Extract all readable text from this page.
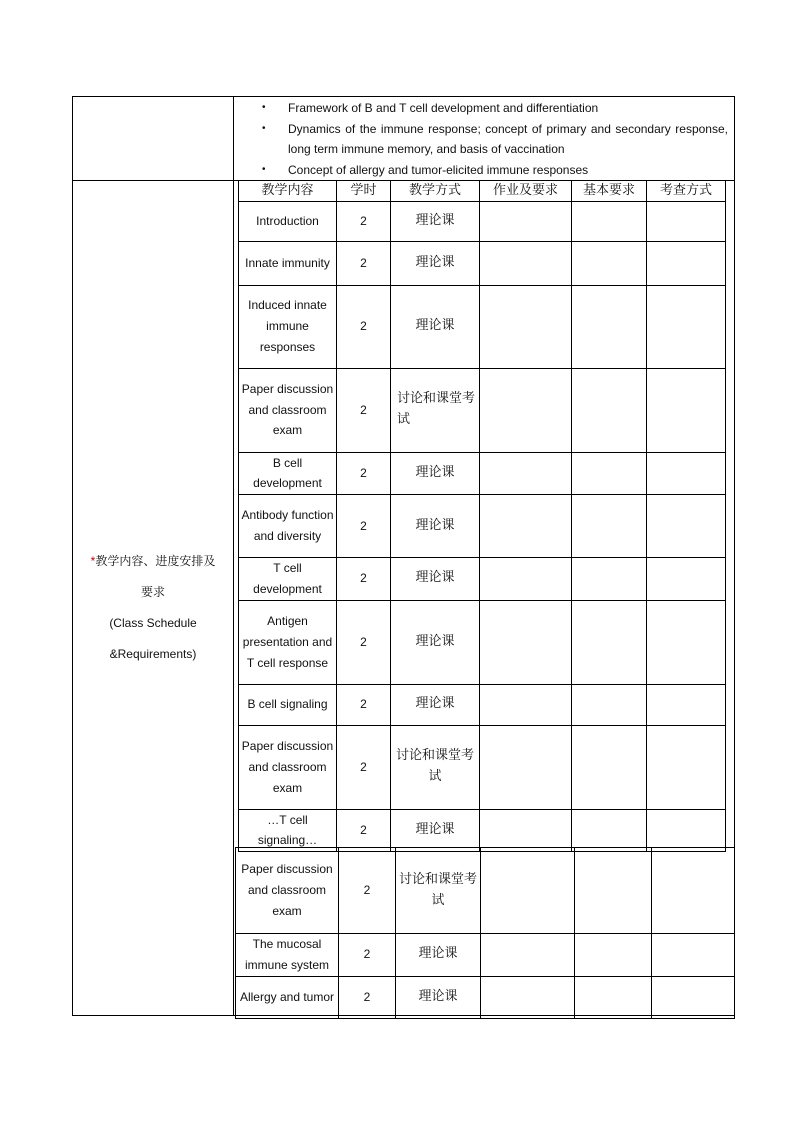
• Framework of B and T cell development and differentiation
• Dynamics of the immune response; concept of primary and secondary response, long term immune memory, and basis of vaccination
• Concept of allergy and tumor-elicited immune responses
*教学内容、进度安排及
要求
(Class Schedule
&Requirements)
教学内容	学时	教学方式	作业及要求	基本要求	考查方式
Introduction	2	理论课			
Innate immunity	2	理论课			
Induced innate immune responses	2	理论课			
Paper discussion and classroom exam	2	讨论和课堂考试			
B cell development	2	理论课			
Antibody function and diversity	2	理论课			
T cell development	2	理论课			
Antigen presentation and T cell response	2	理论课			
B cell signaling	2	理论课			
Paper discussion and classroom exam	2	讨论和课堂考试			
…T cell signaling…	2	理论课			
Paper discussion and classroom exam	2	讨论和课堂考试			
The mucosal immune system	2	理论课			
Allergy and tumor	2	理论课			
